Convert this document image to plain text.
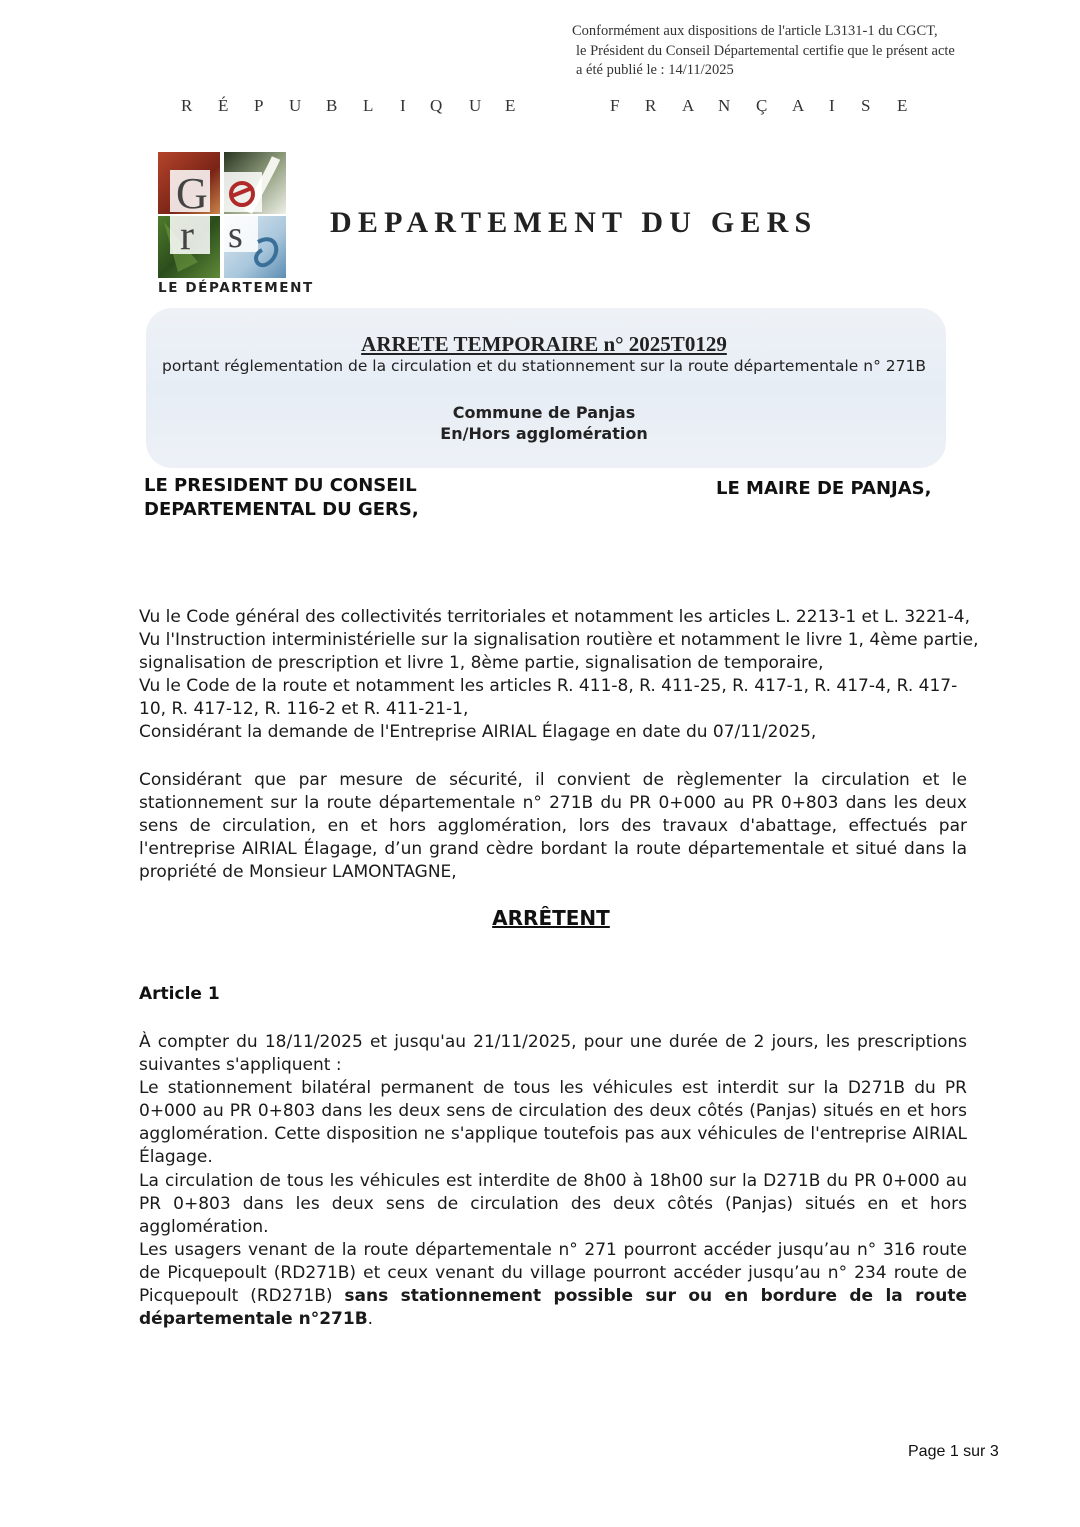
Conformément aux dispositions de l'article L3131-1 du CGCT,
le Président du Conseil Départemental certifie que le présent acte
a été publié le : 14/11/2025
R É P U B L I Q U E	F R A N Ç A I S E
G
r s
LE DÉPARTEMENT
DEPARTEMENT DU GERS
ARRETE TEMPORAIRE n° 2025T0129
portant réglementation de la circulation et du stationnement sur la route départementale n° 271B
Commune de Panjas
En/Hors agglomération
LE PRESIDENT DU CONSEIL
DEPARTEMENTAL DU GERS,
LE MAIRE DE PANJAS,

Vu le Code général des collectivités territoriales et notamment les articles L. 2213-1 et L. 3221-4,

Vu l'Instruction interministérielle sur la signalisation routière et notamment le livre 1, 4ème partie,

signalisation de prescription et livre 1, 8ème partie, signalisation de temporaire,

Vu le Code de la route et notamment les articles R. 411-8, R. 411-25, R. 417-1, R. 417-4, R. 417-

10, R. 417-12, R. 116-2 et R. 411-21-1,

Considérant la demande de l'Entreprise AIRIAL Élagage en date du 07/11/2025,

Considérant que par mesure de sécurité, il convient de règlementer la circulation et le stationnement sur la route départementale n° 271B du PR 0+000 au PR 0+803 dans les deux sens de circulation, en et hors agglomération, lors des travaux d'abattage, effectués par l'entreprise AIRIAL Élagage, d’un grand cèdre bordant la route départementale et situé dans la propriété de Monsieur LAMONTAGNE,

ARRÊTENT
Article 1

À compter du 18/11/2025 et jusqu'au 21/11/2025, pour une durée de 2 jours, les prescriptions suivantes s'appliquent :

Le stationnement bilatéral permanent de tous les véhicules est interdit sur la D271B du PR 0+000 au PR 0+803 dans les deux sens de circulation des deux côtés (Panjas) situés en et hors agglomération. Cette disposition ne s'applique toutefois pas aux véhicules de l'entreprise AIRIAL Élagage.

La circulation de tous les véhicules est interdite de 8h00 à 18h00 sur la D271B du PR 0+000 au PR 0+803 dans les deux sens de circulation des deux côtés (Panjas) situés en et hors agglomération.

Les usagers venant de la route départementale n° 271 pourront accéder jusqu’au n° 316 route de Picquepoult (RD271B) et ceux venant du village pourront accéder jusqu’au n° 234 route de Picquepoult (RD271B) sans stationnement possible sur ou en bordure de la route départementale n°271B.

Page 1 sur 3
